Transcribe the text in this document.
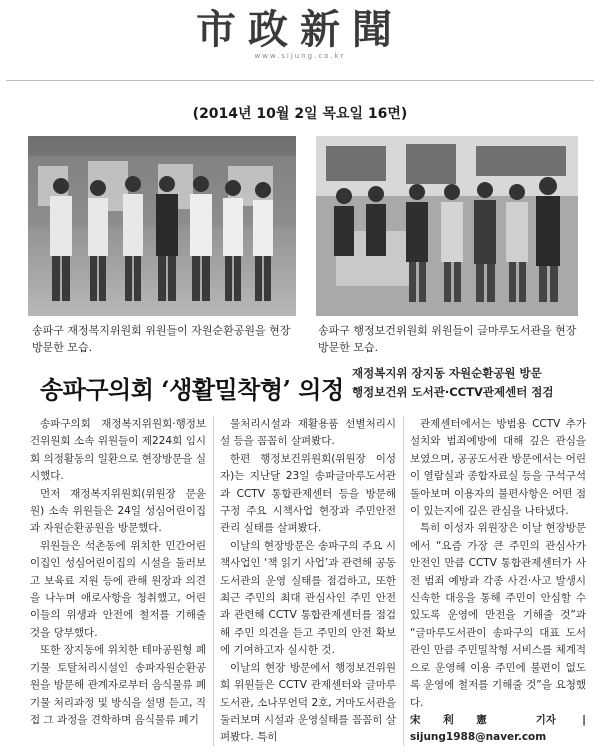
市政新聞
www.sijung.co.kr
(2014년 10월 2일 목요일 16면)
송파구 재정복지위원회 위원들이 자원순환공원을 현장 방문한 모습.
송파구 행정보건위원회 위원들이 글마루도서관을 현장 방문한 모습.
송파구의회 ‘생활밀착형’ 의정
재정복지위 장지동 자원순환공원 방문
행정보건위 도서관·CCTV관제센터 점검

송파구의회 재정복지위원회·행정보건위원회 소속 위원들이 제224회 임시회 의정활동의 일환으로 현장방문을 실시했다.

먼저 재정복지위원회(위원장 문윤원) 소속 위원들은 24일 성심어린이집과 자원순환공원을 방문했다.

위원들은 석촌동에 위치한 민간어린이집인 성심어린이집의 시설을 둘러보고 보육료 지원 등에 관해 원장과 의견을 나누며 애로사항을 청취했고, 어린이들의 위생과 안전에 철저를 기해줄 것을 당부했다.

또한 장지동에 위치한 테마공원형 폐기물 토탈처리시설인 송파자원순환공원을 방문해 관계자로부터 음식물류 폐기물 처리과정 및 방식을 설명 듣고, 직접 그 과정을 견학하며 음식물류 폐기

물처리시설과 재활용품 선별처리시설 등을 꼼꼼히 살펴봤다.

한편 행정보건위원회(위원장 이성자)는 지난달 23일 송파글마루도서관과 CCTV 통합관제센터 등을 방문해 구정 주요 시책사업 현장과 주민안전 관리 실태를 살펴봤다.

이날의 현장방문은 송파구의 주요 시책사업인 ‘책 읽기 사업’과 관련해 공동도서관의 운영 실태를 점검하고, 또한 최근 주민의 최대 관심사인 주민 안전과 관련해 CCTV 통합관제센터를 점검해 주민 의견을 듣고 주민의 안전 확보에 기여하고자 실시한 것.

이날의 현장 방문에서 행정보건위원회 위원들은 CCTV 관제센터와 글마루도서관, 소나무언덕 2호, 거마도서관을 둘러보며 시설과 운영실태를 꼼꼼히 살펴봤다. 특히

관제센터에서는 방범용 CCTV 추가 설치와 범죄예방에 대해 깊은 관심을 보였으며, 공공도서관 방문에서는 어린이 열람실과 종합자료실 등을 구석구석 돌아보며 이용자의 불편사항은 어떤 점이 있는지에 깊은 관심을 나타냈다.

특히 이성자 위원장은 이날 현장방문에서 “요즘 가장 큰 주민의 관심사가 안전인 만큼 CCTV 통합관제센터가 사전 범죄 예방과 각종 사건·사고 발생시 신속한 대응을 통해 주민이 안심할 수 있도록 운영에 만전을 기해줄 것”과 “글마루도서관이 송파구의 대표 도서관인 만큼 주민밀착형 서비스를 체계적으로 운영해 이용 주민에 불편이 없도록 운영에 철저를 기해줄 것”을 요청했다.

宋利憲 기자 | sijung1988@naver.com
